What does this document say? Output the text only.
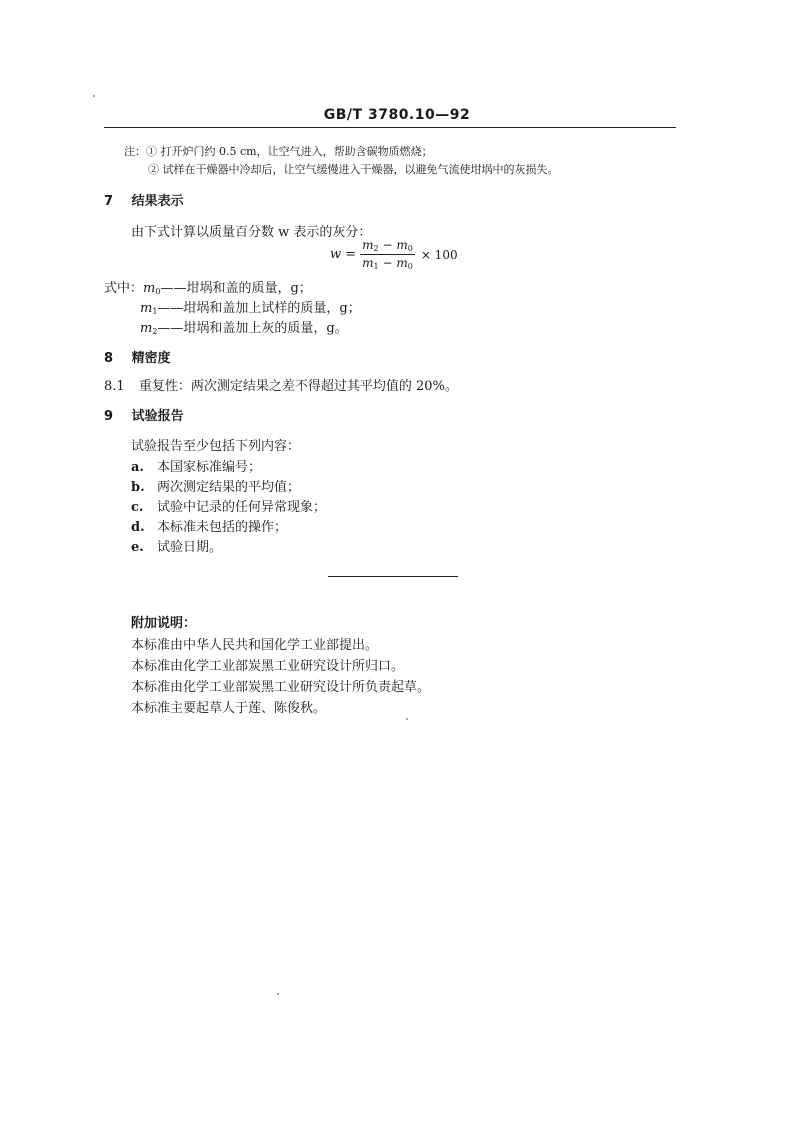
GB/T 3780.10—92
注：① 打开炉门约 0.5 cm，让空气进入，帮助含碳物质燃烧；
② 试样在干燥器中冷却后，让空气缓慢进入干燥器，以避免气流使坩埚中的灰损失。
7 结果表示
由下式计算以质量百分数 w 表示的灰分：
$w = \frac{m_2 - m_0}{m_1 - m_0} \times 100$
式中：$m_0——$坩埚和盖的质量，g；
$m_1——$坩埚和盖加上试样的质量，g；
$m_2——$坩埚和盖加上灰的质量，g。
8 精密度
8.1 重复性：两次测定结果之差不得超过其平均值的 20%。
9 试验报告
试验报告至少包括下列内容：
a. 本国家标准编号；
b. 两次测定结果的平均值；
c. 试验中记录的任何异常现象；
d. 本标准未包括的操作；
e. 试验日期。
附加说明：
本标准由中华人民共和国化学工业部提出。
本标准由化学工业部炭黑工业研究设计所归口。
本标准由化学工业部炭黑工业研究设计所负责起草。
本标准主要起草人于莲、陈俊秋。
